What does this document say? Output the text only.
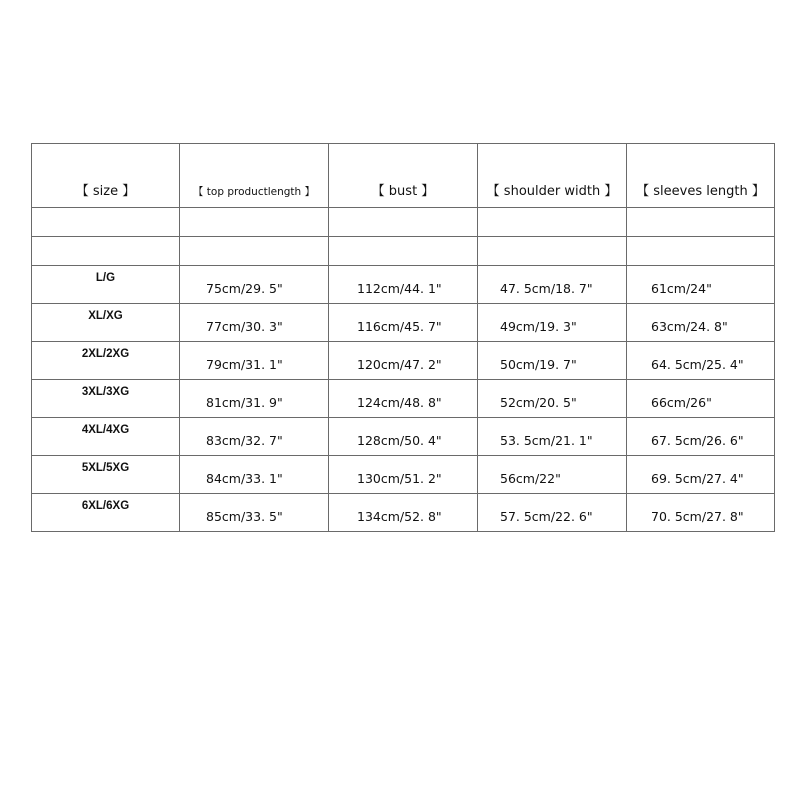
【 size 】	【 top productlength 】	【 bust 】	【 shoulder width 】	【 sleeves length 】

L/G	75cm/29. 5"	112cm/44. 1"	47. 5cm/18. 7"	61cm/24"
XL/XG	77cm/30. 3"	116cm/45. 7"	49cm/19. 3"	63cm/24. 8"
2XL/2XG	79cm/31. 1"	120cm/47. 2"	50cm/19. 7"	64. 5cm/25. 4"
3XL/3XG	81cm/31. 9"	124cm/48. 8"	52cm/20. 5"	66cm/26"
4XL/4XG	83cm/32. 7"	128cm/50. 4"	53. 5cm/21. 1"	67. 5cm/26. 6"
5XL/5XG	84cm/33. 1"	130cm/51. 2"	56cm/22"	69. 5cm/27. 4"
6XL/6XG	85cm/33. 5"	134cm/52. 8"	57. 5cm/22. 6"	70. 5cm/27. 8"
